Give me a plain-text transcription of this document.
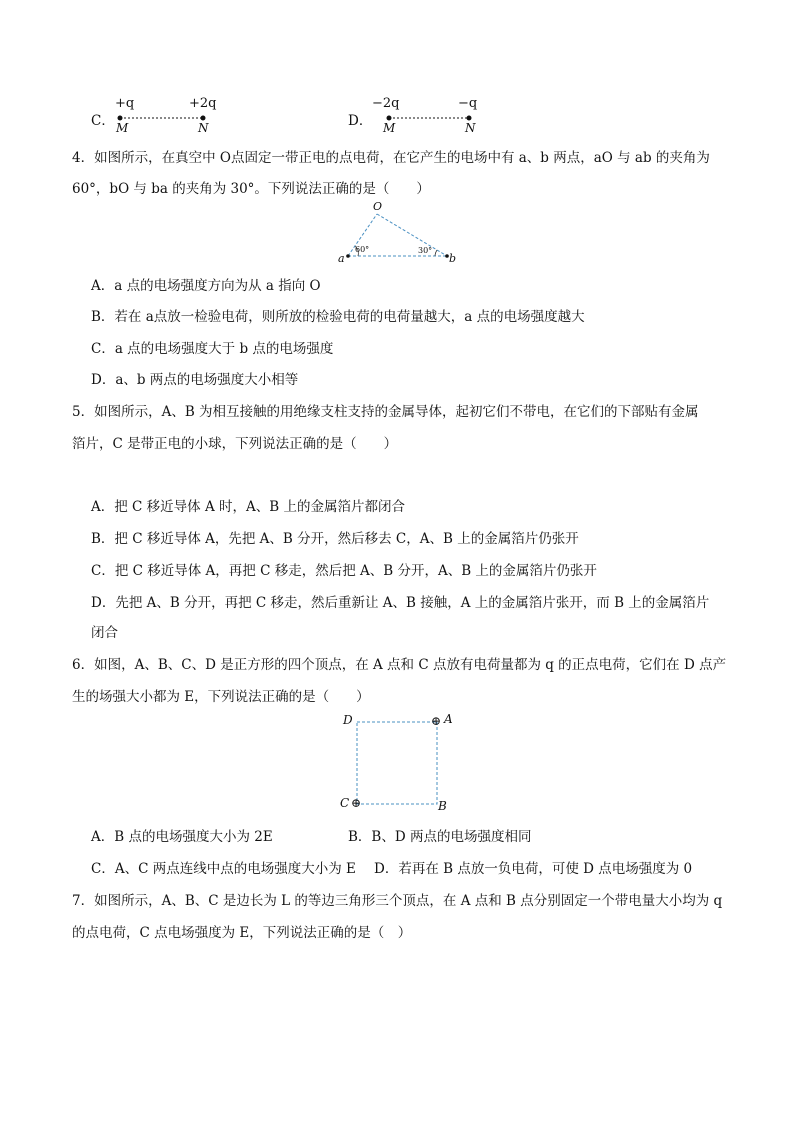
C．
+q	+2q
M	N	D．
−2q	−q
M	N
4．如图所示，在真空中 O点固定一带正电的点电荷，在它产生的电场中有 a、b 两点，aO 与 ab 的夹角为
60°，bO 与 ba 的夹角为 30°。下列说法正确的是（　　）
O
a	b
60°	30°
A．a 点的电场强度方向为从 a 指向 O
B．若在 a点放一检验电荷，则所放的检验电荷的电荷量越大，a 点的电场强度越大
C．a 点的电场强度大于 b 点的电场强度
D．a、b 两点的电场强度大小相等
5．如图所示，A、B 为相互接触的用绝缘支柱支持的金属导体，起初它们不带电，在它们的下部贴有金属
箔片，C 是带正电的小球，下列说法正确的是（　　）
A．把 C 移近导体 A 时，A、B 上的金属箔片都闭合
B．把 C 移近导体 A，先把 A、B 分开，然后移去 C，A、B 上的金属箔片仍张开
C．把 C 移近导体 A，再把 C 移走，然后把 A、B 分开，A、B 上的金属箔片仍张开
D．先把 A、B 分开，再把 C 移走，然后重新让 A、B 接触，A 上的金属箔片张开，而 B 上的金属箔片
闭合
6．如图，A、B、C、D 是正方形的四个顶点，在 A 点和 C 点放有电荷量都为 q 的正点电荷，它们在 D 点产
生的场强大小都为 E，下列说法正确的是（　　）
D	⊕ A
C ⊕	B
A．B 点的电场强度大小为 2E	B．B、D 两点的电场强度相同
C．A、C 两点连线中点的电场强度大小为 E D．若再在 B 点放一负电荷，可使 D 点电场强度为 0
7．如图所示，A、B、C 是边长为 L 的等边三角形三个顶点，在 A 点和 B 点分别固定一个带电量大小均为 q
的点电荷，C 点电场强度为 E，下列说法正确的是（　）
